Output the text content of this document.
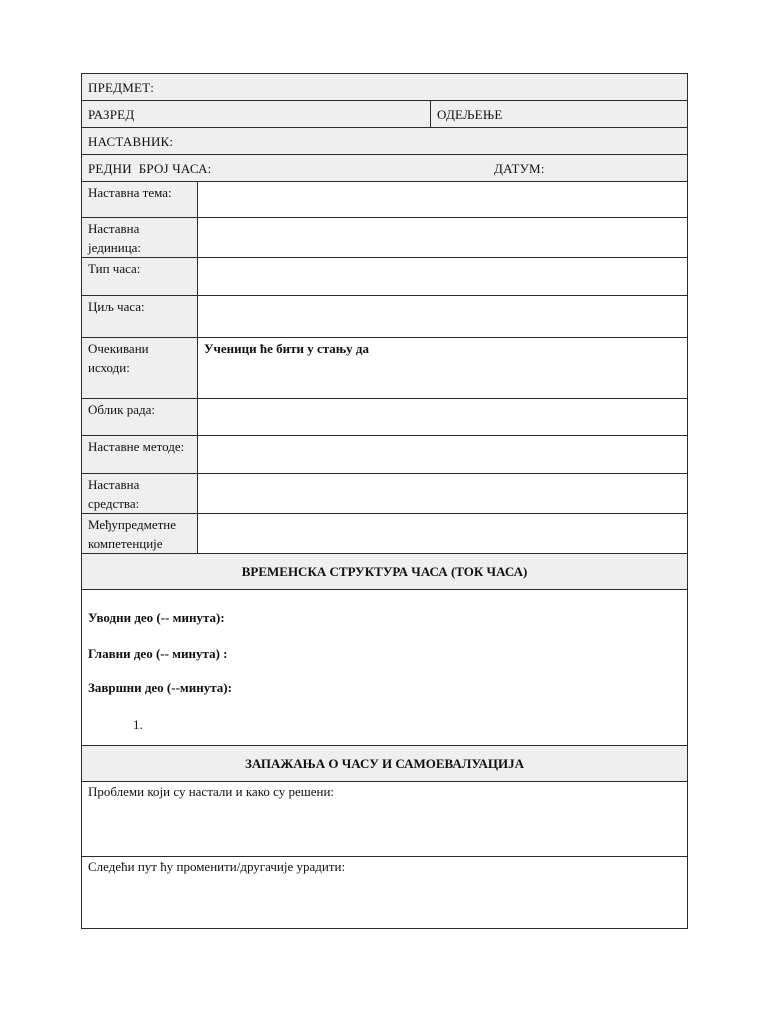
ПРЕДМЕТ:		
РАЗРЕД		ОДЕЉЕЊЕ
НАСТАВНИК:		

РЕДНИ  БРОЈ ЧАСА: ДАТУМ:		

Наставна тема:		
Наставна јединица:		
Тип часа:		
Циљ часа:		
Очекивани исходи:	Ученици ће бити у стању да	
Облик рада:		
Наставне методе:		
Наставна средства:		
Међупредметне компетенције		
ВРЕМЕНСКА СТРУКТУРА ЧАСА (ТОК ЧАСА)		

Уводни део (-- минута):

Главни део (-- минута) :

Завршни део (--минута):

1.		

ЗАПАЖАЊА О ЧАСУ И САМОЕВАЛУАЦИЈА		
Проблеми који су настали и како су решени:		
Следећи пут ћу променити/другачије урадити:		
